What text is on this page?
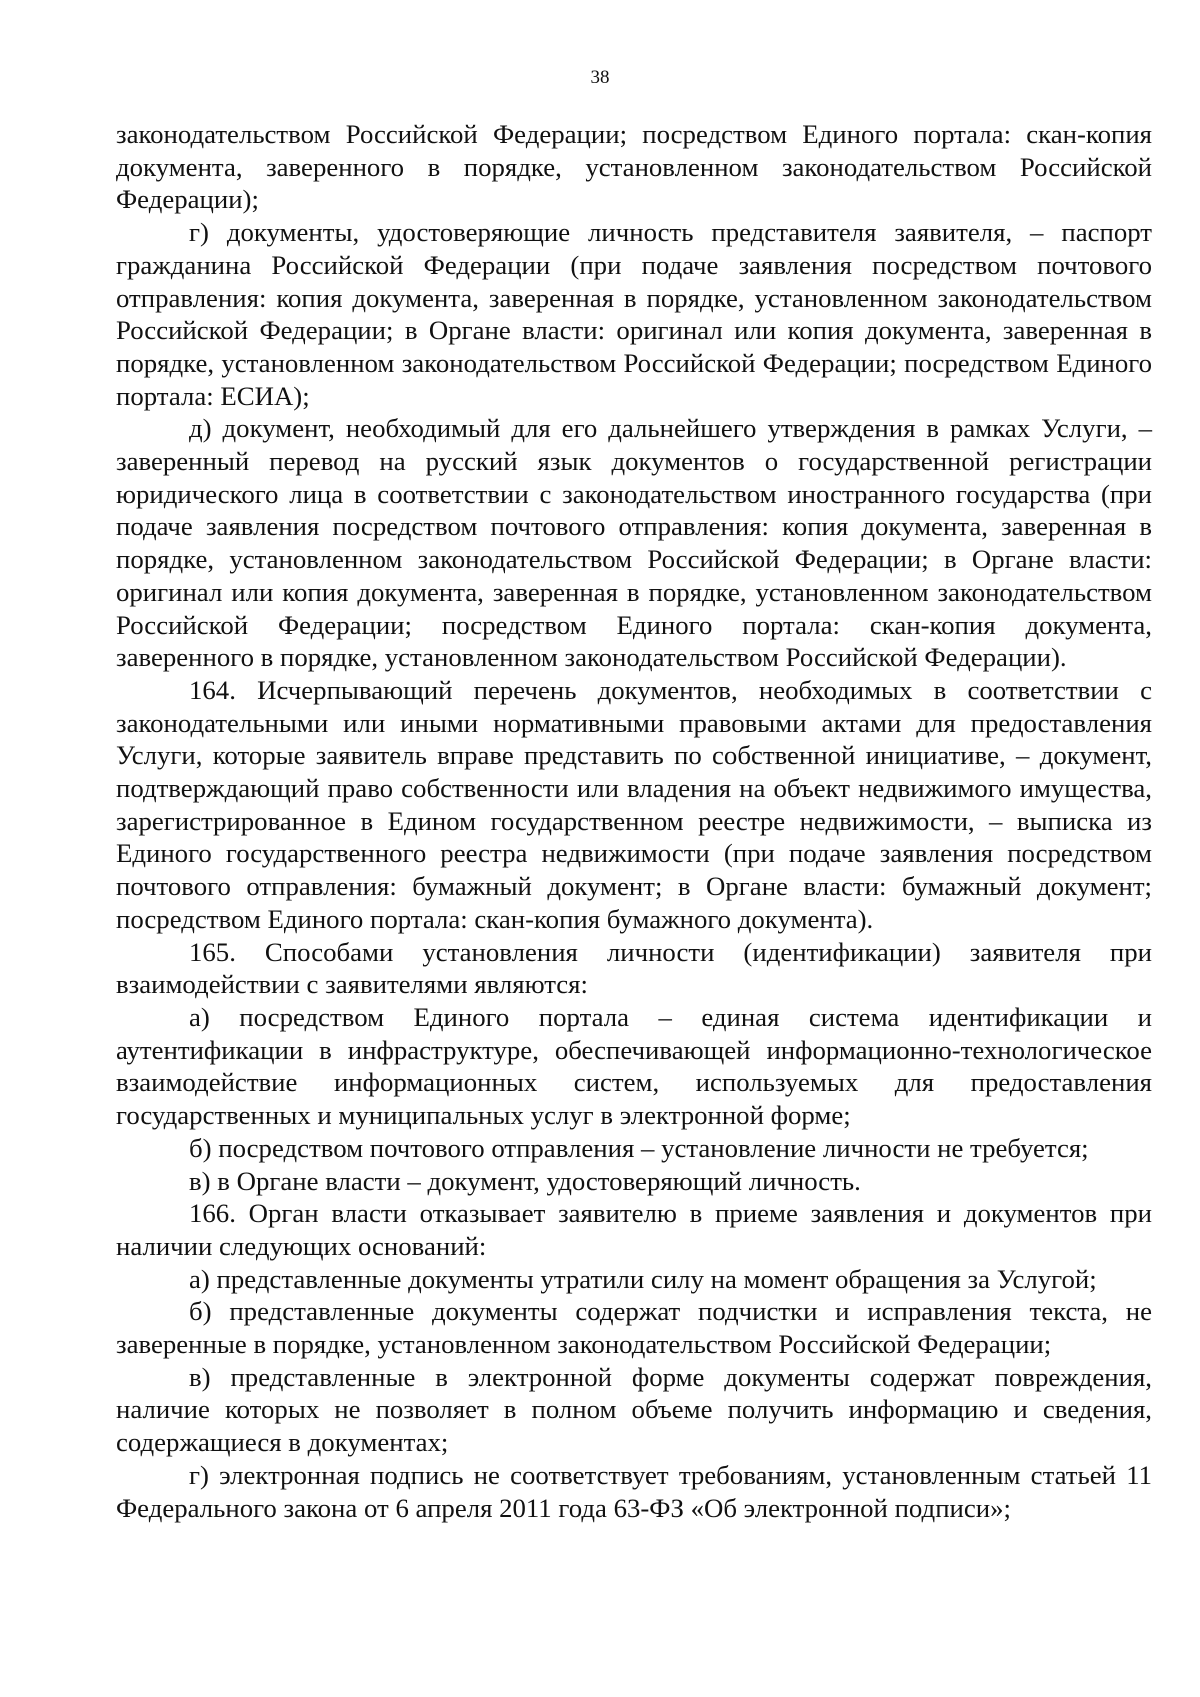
38

законодательством Российской Федерации; посредством Единого портала: скан-копия документа, заверенного в порядке, установленном законодательством Российской Федерации);

г) документы, удостоверяющие личность представителя заявителя, – паспорт гражданина Российской Федерации (при подаче заявления посредством почтового отправления: копия документа, заверенная в порядке, установленном законодательством Российской Федерации; в Органе власти: оригинал или копия документа, заверенная в порядке, установленном законодательством Российской Федерации; посредством Единого портала: ЕСИА);

д) документ, необходимый для его дальнейшего утверждения в рамках Услуги, – заверенный перевод на русский язык документов о государственной регистрации юридического лица в соответствии с законодательством иностранного государства (при подаче заявления посредством почтового отправления: копия документа, заверенная в порядке, установленном законодательством Российской Федерации; в Органе власти: оригинал или копия документа, заверенная в порядке, установленном законодательством Российской Федерации; посредством Единого портала: скан-копия документа, заверенного в порядке, установленном законодательством Российской Федерации).

164. Исчерпывающий перечень документов, необходимых в соответствии с законодательными или иными нормативными правовыми актами для предоставления Услуги, которые заявитель вправе представить по собственной инициативе, – документ, подтверждающий право собственности или владения на объект недвижимого имущества, зарегистрированное в Едином государственном реестре недвижимости, – выписка из Единого государственного реестра недвижимости (при подаче заявления посредством почтового отправления: бумажный документ; в Органе власти: бумажный документ; посредством Единого портала: скан-копия бумажного документа).

165. Способами установления личности (идентификации) заявителя при взаимодействии с заявителями являются:

а) посредством Единого портала – единая система идентификации и аутентификации в инфраструктуре, обеспечивающей информационно-технологическое взаимодействие информационных систем, используемых для предоставления государственных и муниципальных услуг в электронной форме;

б) посредством почтового отправления – установление личности не требуется;

в) в Органе власти – документ, удостоверяющий личность.

166. Орган власти отказывает заявителю в приеме заявления и документов при наличии следующих оснований:

а) представленные документы утратили силу на момент обращения за Услугой;

б) представленные документы содержат подчистки и исправления текста, не заверенные в порядке, установленном законодательством Российской Федерации;

в) представленные в электронной форме документы содержат повреждения, наличие которых не позволяет в полном объеме получить информацию и сведения, содержащиеся в документах;

г) электронная подпись не соответствует требованиям, установленным статьей 11 Федерального закона от 6 апреля 2011 года 63-ФЗ «Об электронной подписи»;
